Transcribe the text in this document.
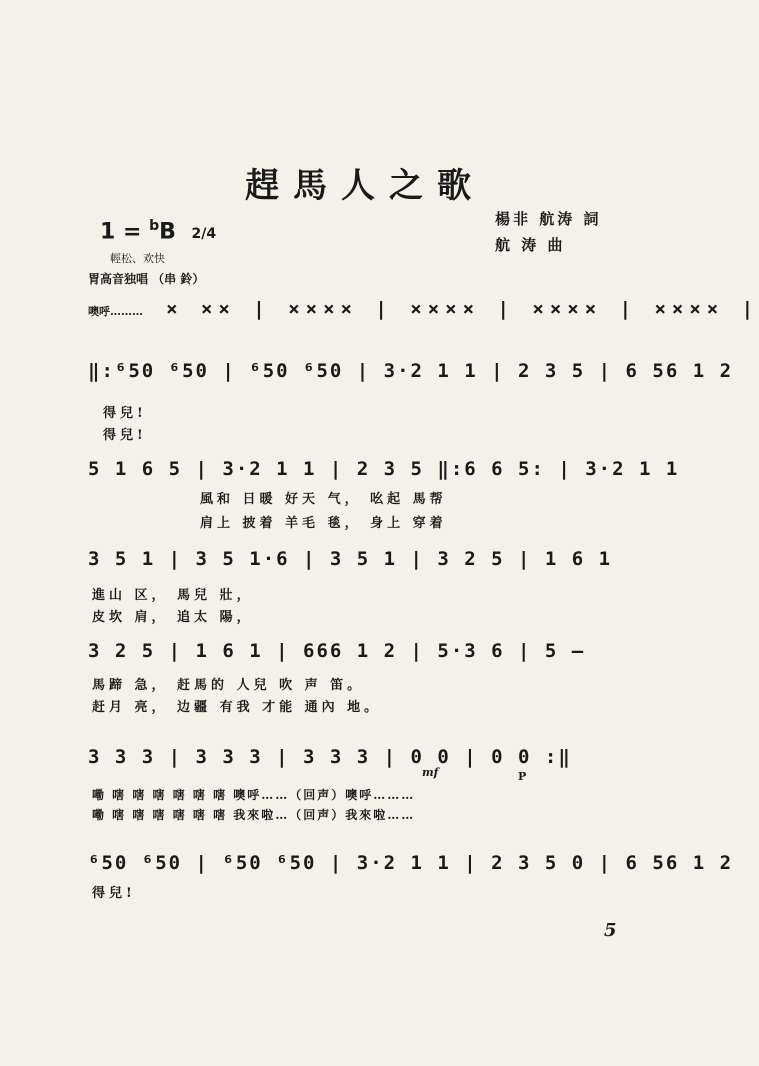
趕馬人之歌
楊非 航涛 詞
航 涛 曲
1 = $^b$B 2/4
輕松、欢快
胃高音独唱 （串 鈴）
噢呼……… × ×× | ×××× | ×××× | ×××× | ×××× |
‖:⁶50 ⁶50 | ⁶50 ⁶50 | 3·2 1 1 | 2 3 5 | 6 56 1 2
得兒!
得兒!
5 1 6 5 | 3·2 1 1 | 2 3 5 ‖:6 6 5: | 3·2 1 1
風和 日暖 好天 气， 吆起 馬帮
肩上 披着 羊毛 毯， 身上 穿着
3 5 1 | 3 5 1·6 | 3 5 1 | 3 2 5 | 1 6 1
進山 区， 馬兒 壯，
皮坎 肩， 追太 陽，
3 2 5 | 1 6 1 | 666 1 2 | 5·3 6 | 5 —
馬蹄 急， 赶馬的 人兒 吹 声 笛。
赶月 亮， 边疆 有我 才能 通內 地。
3 3 3 | 3 3 3 | 3 3 3 | 0 0 | 0 0 :‖
mf	P
嘞 嗐 嗐 嗐 嗐 嗐 嗐 噢呼……（回声）噢呼………
嘞 嗐 嗐 嗐 嗐 嗐 嗐 我來啦…（回声）我來啦……
⁶50 ⁶50 | ⁶50 ⁶50 | 3·2 1 1 | 2 3 5 0 | 6 56 1 2
得兒!
5
